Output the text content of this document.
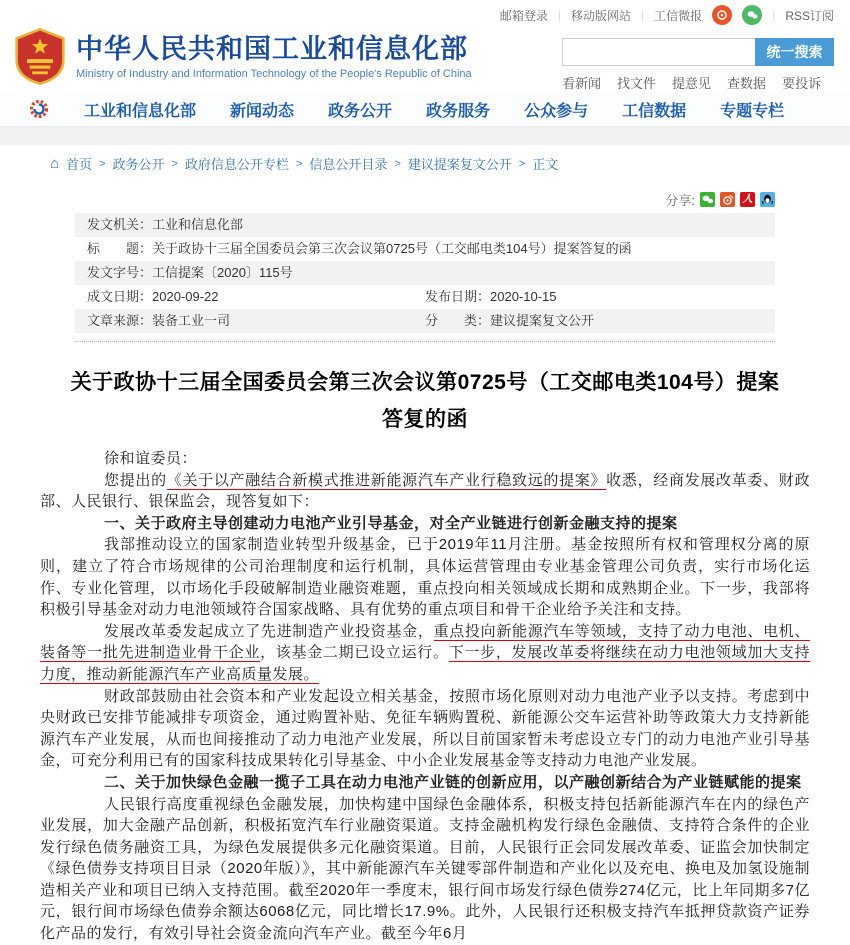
邮箱登录 | 移动版网站 | 工信微报	| RSS订阅
中华人民共和国工业和信息化部
Ministry of Industry and Information Technology of the People's Republic of China
统一搜索
看新闻 找文件 提意见 查数据 要投诉
工业和信息化部 新闻动态 政务公开 政务服务 公众参与 工信数据 专题专栏
⌂ 首页 > 政务公开 > 政府信息公开专栏 > 信息公开目录 > 建议提案复文公开 > 正文
分享:	人
发文机关：工业和信息化部
标　　题：关于政协十三届全国委员会第三次会议第0725号（工交邮电类104号）提案答复的函
发文字号：工信提案〔2020〕115号
成文日期：2020-09-22	发布日期：2020-10-15
文章来源：装备工业一司	分　　类：建议提案复文公开
关于政协十三届全国委员会第三次会议第0725号（工交邮电类104号）提案答复的函

徐和谊委员：

您提出的《关于以产融结合新模式推进新能源汽车产业行稳致远的提案》收悉，经商发展改革委、财政部、人民银行、银保监会，现答复如下：

一、关于政府主导创建动力电池产业引导基金，对全产业链进行创新金融支持的提案

我部推动设立的国家制造业转型升级基金，已于2019年11月注册。基金按照所有权和管理权分离的原则，建立了符合市场规律的公司治理制度和运行机制，具体运营管理由专业基金管理公司负责，实行市场化运作、专业化管理，以市场化手段破解制造业融资难题，重点投向相关领域成长期和成熟期企业。下一步，我部将积极引导基金对动力电池领域符合国家战略、具有优势的重点项目和骨干企业给予关注和支持。

发展改革委发起成立了先进制造产业投资基金，重点投向新能源汽车等领域，支持了动力电池、电机、装备等一批先进制造业骨干企业，该基金二期已设立运行。下一步，发展改革委将继续在动力电池领域加大支持力度，推动新能源汽车产业高质量发展。

财政部鼓励由社会资本和产业发起设立相关基金，按照市场化原则对动力电池产业予以支持。考虑到中央财政已安排节能减排专项资金，通过购置补贴、免征车辆购置税、新能源公交车运营补助等政策大力支持新能源汽车产业发展，从而也间接推动了动力电池产业发展，所以目前国家暂未考虑设立专门的动力电池产业引导基金，可充分利用已有的国家科技成果转化引导基金、中小企业发展基金等支持动力电池产业发展。

二、关于加快绿色金融一揽子工具在动力电池产业链的创新应用，以产融创新结合为产业链赋能的提案

人民银行高度重视绿色金融发展，加快构建中国绿色金融体系，积极支持包括新能源汽车在内的绿色产业发展，加大金融产品创新，积极拓宽汽车行业融资渠道。支持金融机构发行绿色金融债、支持符合条件的企业发行绿色债务融资工具，为绿色发展提供多元化融资渠道。目前，人民银行正会同发展改革委、证监会加快制定《绿色债券支持项目目录（2020年版）》，其中新能源汽车关键零部件制造和产业化以及充电、换电及加氢设施制造相关产业和项目已纳入支持范围。截至2020年一季度末，银行间市场发行绿色债券274亿元，比上年同期多7亿元，银行间市场绿色债券余额达6068亿元，同比增长17.9%。此外，人民银行还积极支持汽车抵押贷款资产证券化产品的发行，有效引导社会资金流向汽车产业。截至今年6月
